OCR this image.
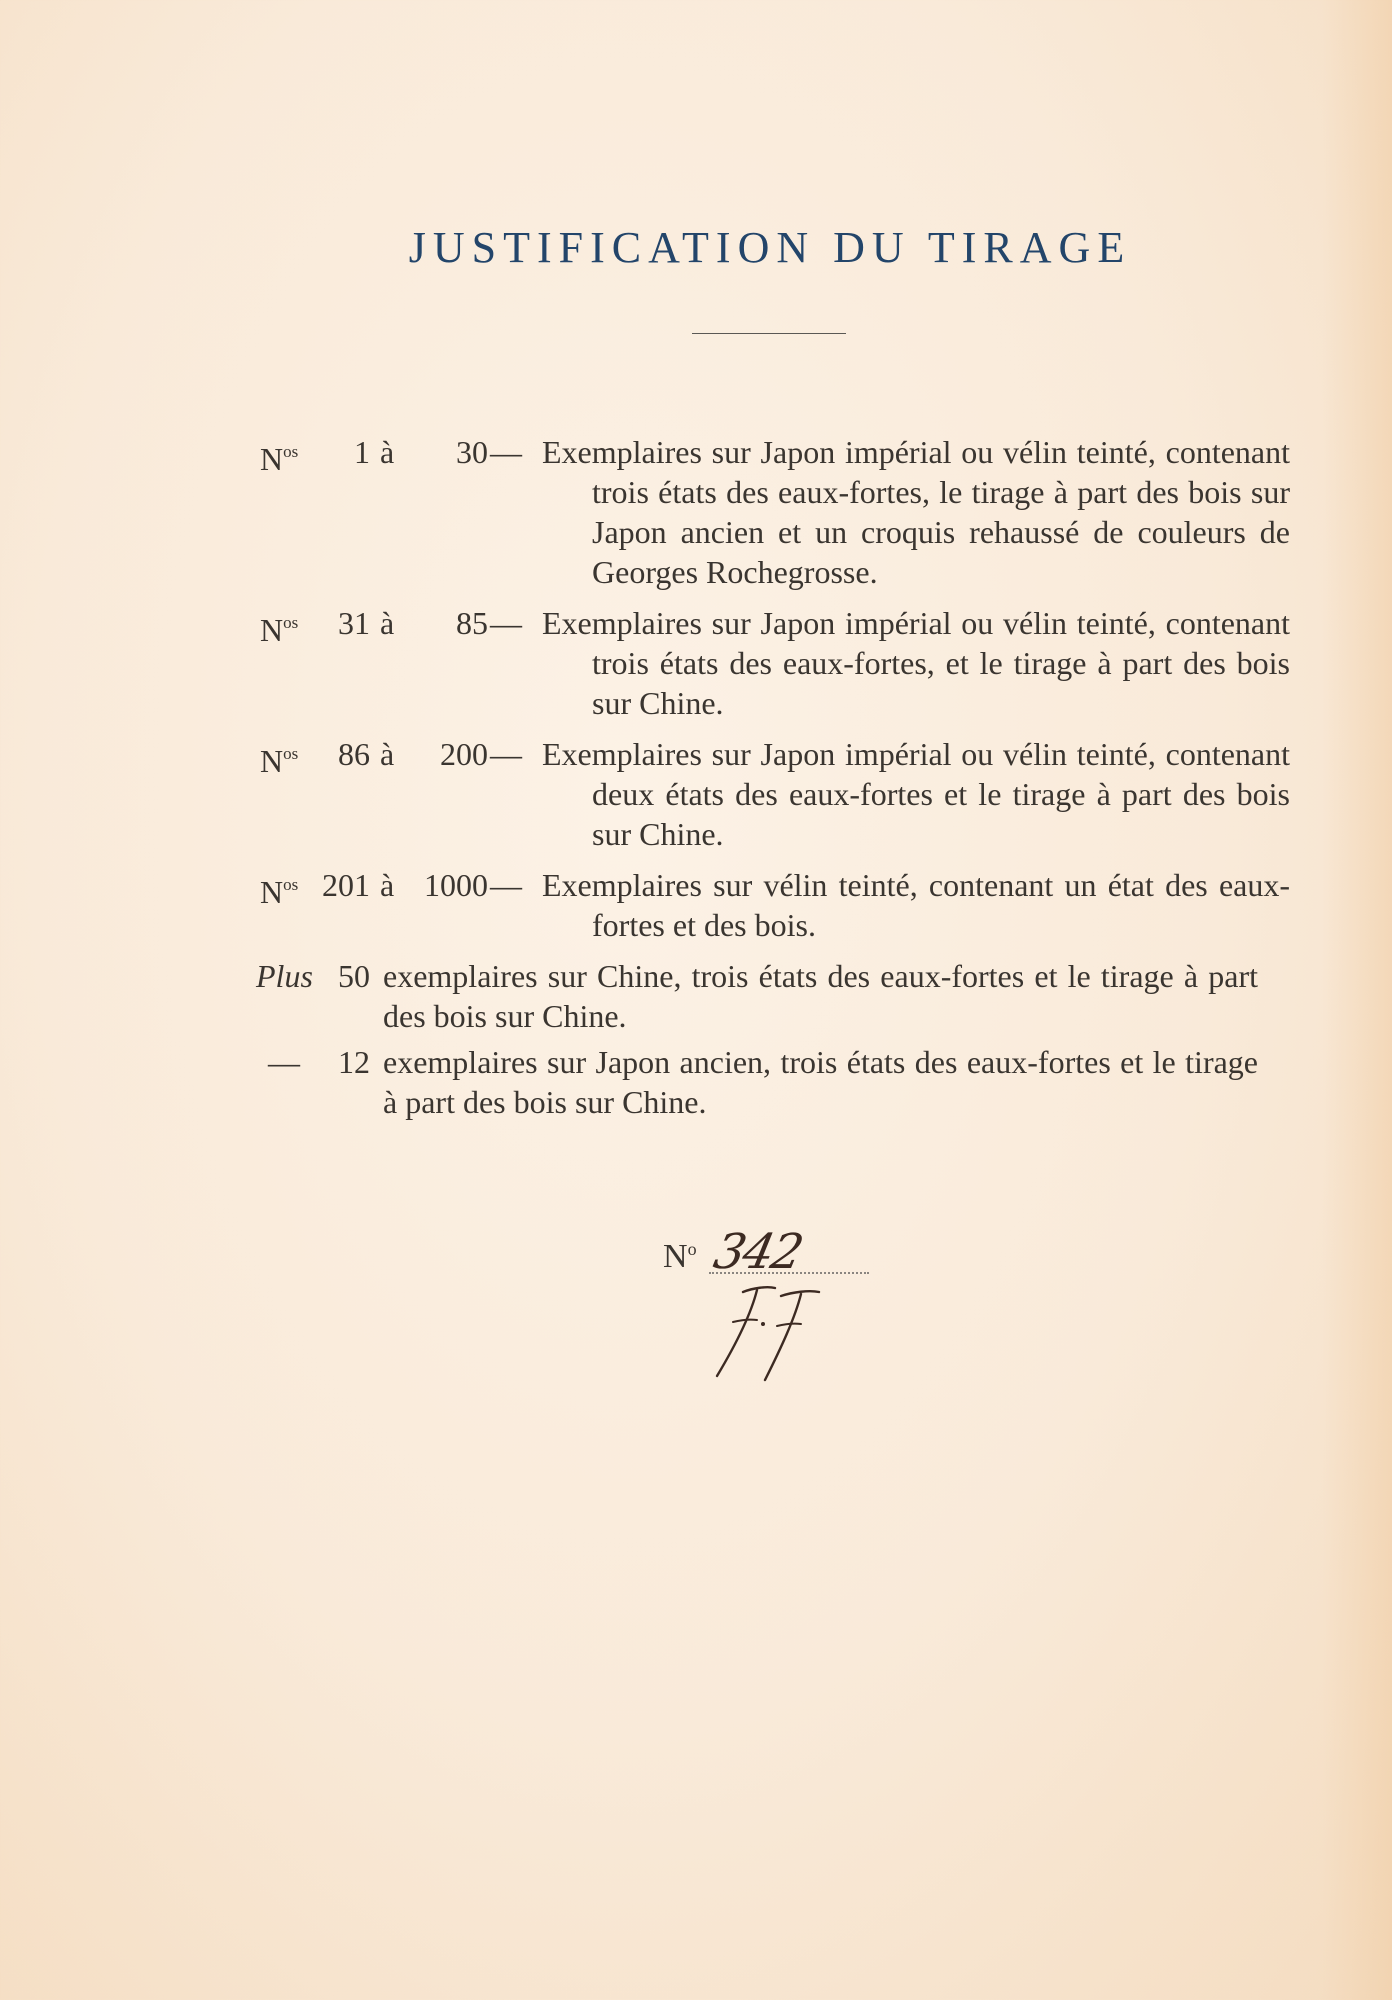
JUSTIFICATION DU TIRAGE
$N^{os}$	1 à	30 — Exemplaires sur Japon impérial ou vélin teinté, contenant trois états des eaux-fortes, le tirage à part des bois sur Japon ancien et un croquis rehaussé de couleurs de Georges Rochegrosse.
$N^{os}$	31 à	85 — Exemplaires sur Japon impérial ou vélin teinté, contenant trois états des eaux-fortes, et le tirage à part des bois sur Chine.
$N^{os}$	86 à	200 — Exemplaires sur Japon impérial ou vélin teinté, contenant deux états des eaux-fortes et le tirage à part des bois sur Chine.
$N^{os}$ 201 à 1000 — Exemplaires sur vélin teinté, contenant un état des eaux-fortes et des bois.
Plus 50 exemplaires sur Chine, trois états des eaux-fortes et le tirage à part des bois sur Chine.
— 12 exemplaires sur Japon ancien, trois états des eaux-fortes et le tirage à part des bois sur Chine.
$N^o$ 342
